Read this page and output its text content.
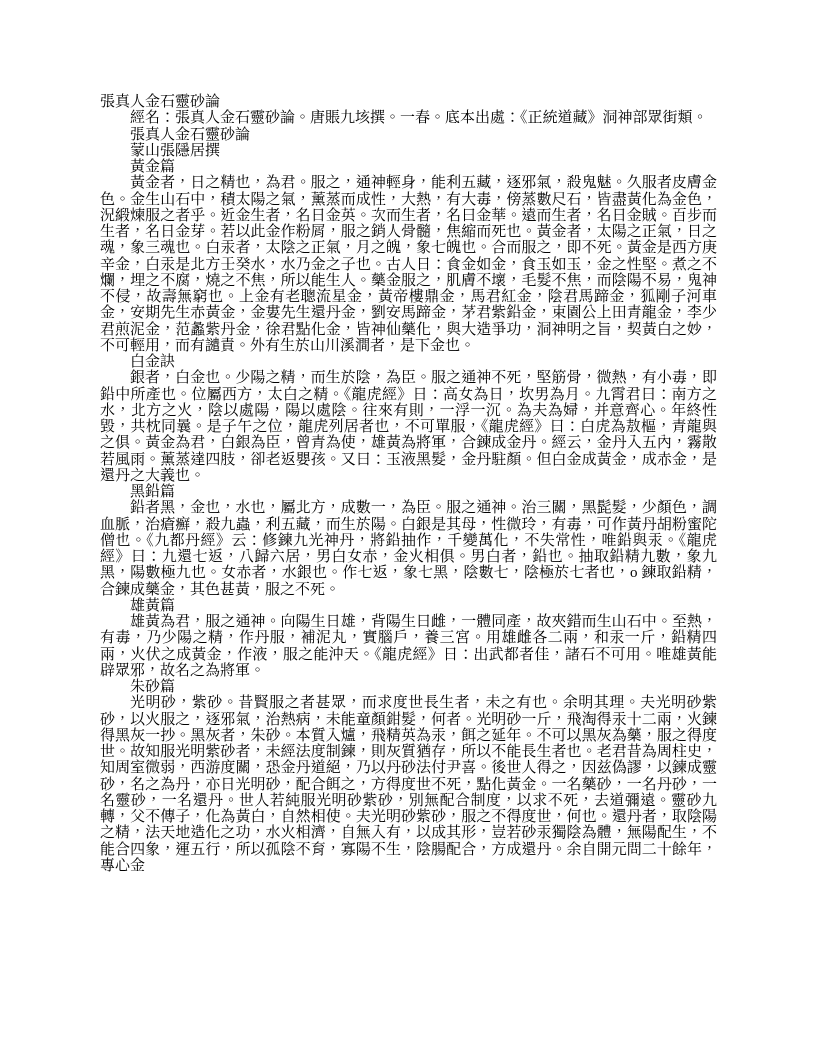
張真人金石靈砂論

經名：張真人金石靈砂論。唐賬九垓撰。一春。底本出處：《正統道藏》洞神部眾街類。

張真人金石靈砂論

蒙山張隱居撰

黃金篇

黃金者，日之精也，為君。服之，通神輕身，能利五藏，逐邪氣，殺鬼魅。久服者皮膚金色。金生山石中，積太陽之氣，薰蒸而成性，大熱，有大毒，傍蒸數尺石，皆盡黃化為金色，況緞煉服之者乎。近金生者，名日金英。次而生者，名曰金華。遠而生者，名日金賊。百步而生者，名日金芽。若以此金作粉屑，服之銷人骨髓，焦縮而死也。黃金者，太陽之正氣，日之魂，象三魂也。白汞者，太陰之正氣，月之魄，象七魄也。合而服之，即不死。黃金是西方庚辛金，白汞是北方壬癸水，水乃金之子也。古人日：食金如金，食玉如玉，金之性堅。煮之不爛，埋之不腐，燒之不焦，所以能生人。藥金服之，肌膚不壞，毛髮不焦，而陰陽不易，鬼神不侵，故壽無窮也。上金有老聰流星金，黃帝樓鼎金，馬君紅金，陰君馬蹄金，狐剛子河車金，安期先生赤黃金，金婁先生還丹金，劉安馬蹄金，茅君紫鉛金，束園公上田青龍金，李少君煎泥金，范蠡紫丹金，徐君點化金，皆神仙藥化，與大造爭功，洞神明之旨，契黃白之妙，不可輕用，而有譴責。外有生於山川溪澗者，是下金也。

白金訣

銀者，白金也。少陽之精，而生於陰，為臣。服之通神不死，堅筋骨，微熱，有小毒，即鉛中所產也。位屬西方，太白之精。《龍虎經》日：高女為日，坎男為月。九霄君曰：南方之水，北方之火，陰以處陽，陽以處陰。往來有則，一浮一沉。為夫為婦，并意齊心。年終性毀，共枕同曩。是子午之位，龍虎列居者也，不可單服，《龍虎經》曰：白虎為敖樞，青龍與之俱。黃金為君，白銀為臣，曾青為使，雄黃為將軍，合鍊成金丹。經云，金丹入五內，霧散若風雨。薰蒸達四肢，卻老返嬰孩。又曰：玉液黑髮，金丹駐顏。但白金成黃金，成赤金，是還丹之大義也。

黑鉛篇

鉛者黑，金也，水也，屬北方，成數一，為臣。服之通神。治三關，黑髭髮，少顏色，調血脈，治瘡癬，殺九蟲，利五藏，而生於陽。白銀是其母，性微玲，有毒，可作黃丹胡粉蜜陀僧也。《九都丹經》云：修鍊九光神丹，將鉛抽作，千變萬化，不失常性，唯鉛與汞。《龍虎經》曰：九還七返，八歸六居，男白女赤，金火相俱。男白者，鉛也。抽取鉛精九數，象九黑，陽數極九也。女赤者，水銀也。作七返，象七黑，陰數七，陰極於七者也，o 鍊取鉛精，合鍊成藥金，其色甚黃，服之不死。

雄黃篇

雄黃為君，服之通神。向陽生日雄，背陽生曰雌，一體同產，故夾錯而生山石中。至熱，有毒，乃少陽之精，作丹服，補泥丸，實腦戶，養三宮。用雄雌各二兩，和汞一斤，鉛精四兩，火伏之成黃金，作液，服之能沖天。《龍虎經》日：出武都者佳，諸石不可用。唯雄黃能辟眾邪，故名之為將軍。

朱砂篇

光明砂，紫砂。昔賢服之者甚眾，而求度世長生者，未之有也。余明其理。夫光明砂紫砂，以火服之，逐邪氣，治熱病，未能童顏鉗髮，何者。光明砂一斤，飛淘得汞十二兩，火鍊得黑灰一抄。黑灰者，朱砂。本質入爐，飛精英為汞，餌之延年。不可以黑灰為藥，服之得度世。故知服光明紫砂者，未經法度制鍊，則灰質猶存，所以不能長生者也。老君昔為周柱史，知周室微弱，西游度關，恐金丹道絕，乃以丹砂法付尹喜。後世人得之，因兹偽謬，以鍊成靈砂，名之為丹，亦日光明砂，配合餌之，方得度世不死，點化黃金。一名藥砂，一名丹砂，一名靈砂，一名還丹。世人若純服光明砂紫砂，別無配合制度，以求不死，去道彌遠。靈砂九轉，父不傳子，化為黃白，自然相使。夫光明砂紫砂，服之不得度世，何也。還丹者，取陰陽之精，法天地造化之功，水火相濟，自無入有，以成其形，豈若砂汞獨陰為體，無陽配生，不能合四象，運五行，所以孤陰不育，寡陽不生，陰腸配合，方成還丹。余自開元問二十餘年，專心金
